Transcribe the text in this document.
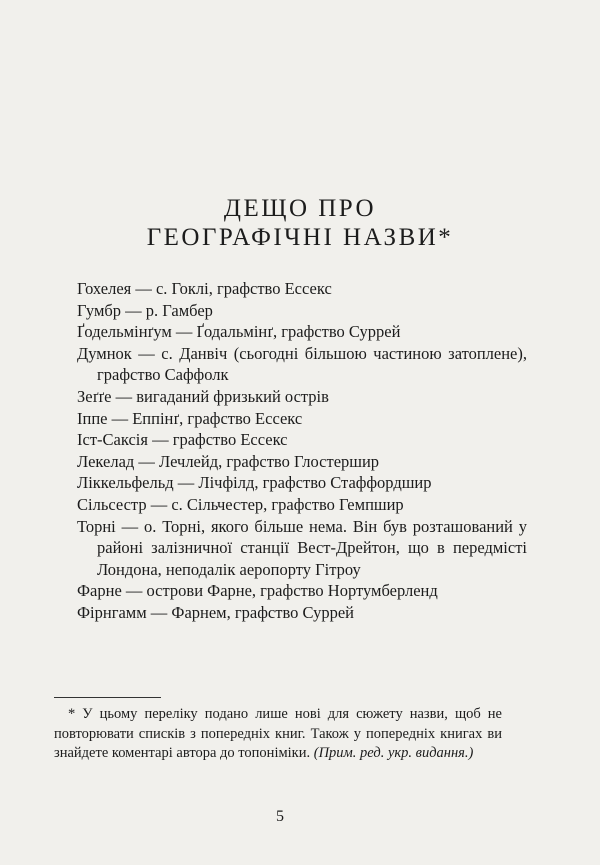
ДЕЩО ПРО
ГЕОГРАФІЧНІ НАЗВИ*
Гохелея — с. Гоклі, графство Ессекс
Гумбр — р. Гамбер
Ґодельмінґум — Ґодальмінґ, графство Суррей
Думнок — с. Данвіч (сьогодні більшою частиною затоплене), графство Саффолк
Зеґґе — вигаданий фризький острів
Іппе — Еппінґ, графство Ессекс
Іст-Саксія — графство Ессекс
Лекелад — Лечлейд, графство Глостершир
Ліккельфельд — Лічфілд, графство Стаффордшир
Сільсестр — с. Сільчестер, графство Гемпшир
Торні — о. Торні, якого більше нема. Він був розташований у районі залізничної станції Вест-Дрейтон, що в передмісті Лондона, неподалік аеропорту Гітроу
Фарне — острови Фарне, графство Нортумберленд
Фірнгамм — Фарнем, графство Суррей

* У цьому переліку подано лише нові для сюжету назви, щоб не повторювати списків з попередніх книг. Також у попередніх книгах ви знайдете коментарі автора до топоніміки. (Прим. ред. укр. видання.)

5
